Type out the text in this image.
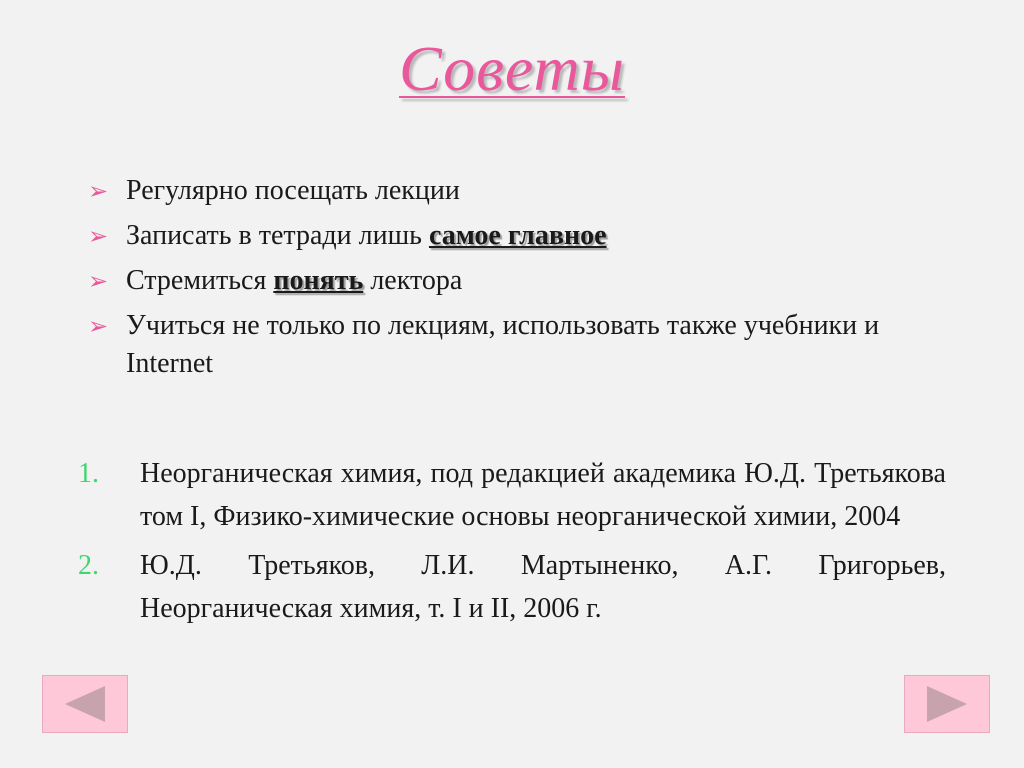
Советы
➢ Регулярно посещать лекции
➢ Записать в тетради лишь самое главное
➢ Стремиться понять лектора
➢ Учиться не только по лекциям, использовать также учебники и Internet
1. Неорганическая химия, под редакцией академика Ю.Д. Третьякова том I, Физико-химические основы неорганической химии, 2004
2. Ю.Д. Третьяков, Л.И. Мартыненко, А.Г. Григорьев, Неорганическая химия, т. I и II, 2006 г.
